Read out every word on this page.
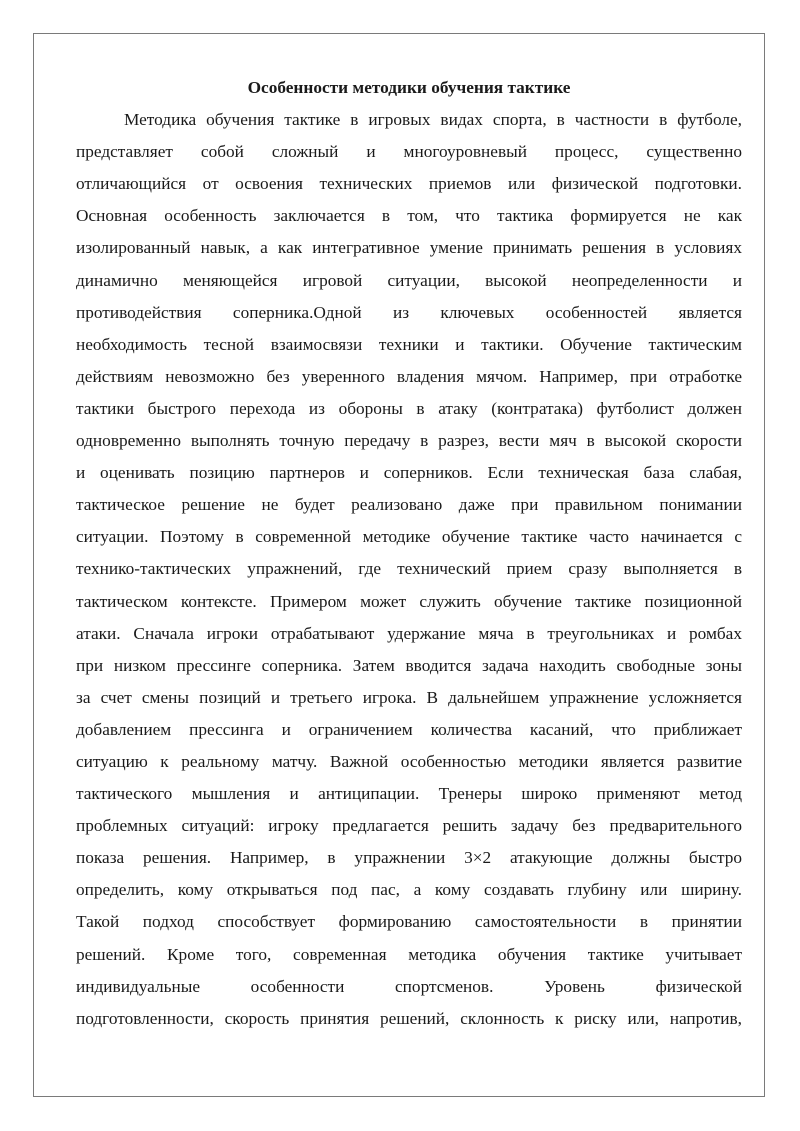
Особенности методики обучения тактике
Методика обучения тактике в игровых видах спорта, в частности в футболе,
представляет собой сложный и многоуровневый процесс, существенно
отличающийся от освоения технических приемов или физической подготовки.
Основная особенность заключается в том, что тактика формируется не как
изолированный навык, а как интегративное умение принимать решения в условиях
динамично меняющейся игровой ситуации, высокой неопределенности и
противодействия соперника.Одной из ключевых особенностей является
необходимость тесной взаимосвязи техники и тактики. Обучение тактическим
действиям невозможно без уверенного владения мячом. Например, при отработке
тактики быстрого перехода из обороны в атаку (контратака) футболист должен
одновременно выполнять точную передачу в разрез, вести мяч в высокой скорости
и оценивать позицию партнеров и соперников. Если техническая база слабая,
тактическое решение не будет реализовано даже при правильном понимании
ситуации. Поэтому в современной методике обучение тактике часто начинается с
технико-тактических упражнений, где технический прием сразу выполняется в
тактическом контексте. Примером может служить обучение тактике позиционной
атаки. Сначала игроки отрабатывают удержание мяча в треугольниках и ромбах
при низком прессинге соперника. Затем вводится задача находить свободные зоны
за счет смены позиций и третьего игрока. В дальнейшем упражнение усложняется
добавлением прессинга и ограничением количества касаний, что приближает
ситуацию к реальному матчу. Важной особенностью методики является развитие
тактического мышления и антиципации. Тренеры широко применяют метод
проблемных ситуаций: игроку предлагается решить задачу без предварительного
показа решения. Например, в упражнении 3×2 атакующие должны быстро
определить, кому открываться под пас, а кому создавать глубину или ширину.
Такой подход способствует формированию самостоятельности в принятии
решений. Кроме того, современная методика обучения тактике учитывает
индивидуальные особенности спортсменов. Уровень физической
подготовленности, скорость принятия решений, склонность к риску или, напротив,
